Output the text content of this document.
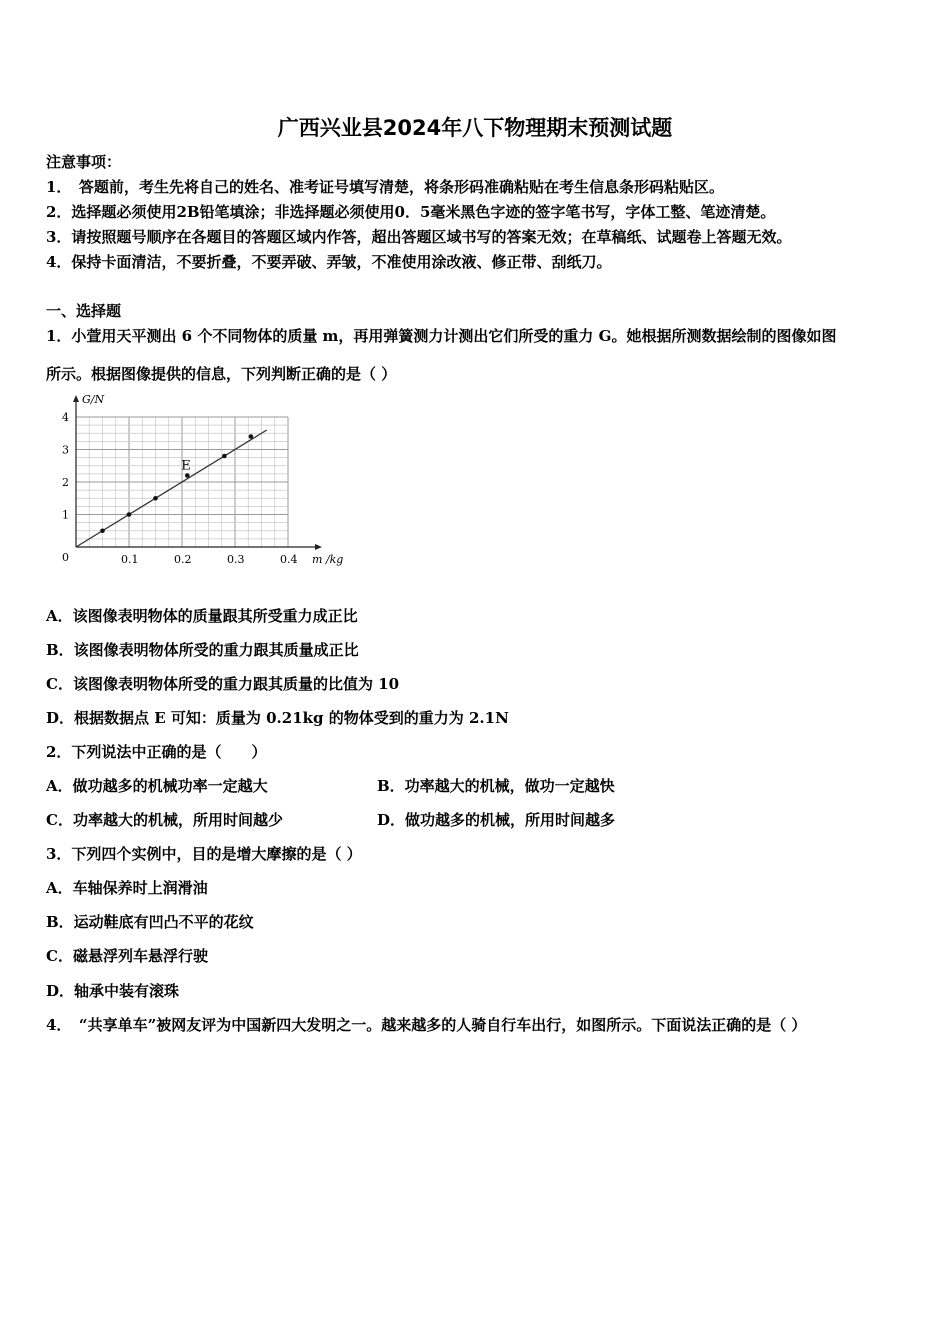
广西兴业县2024年八下物理期末预测试题
注意事项：
1．　答题前，考生先将自己的姓名、准考证号填写清楚，将条形码准确粘贴在考生信息条形码粘贴区。
2．选择题必须使用2B铅笔填涂；非选择题必须使用0．5毫米黑色字迹的签字笔书写，字体工整、笔迹清楚。
3．请按照题号顺序在各题目的答题区域内作答，超出答题区域书写的答案无效；在草稿纸、试题卷上答题无效。
4．保持卡面清洁，不要折叠，不要弄破、弄皱，不准使用涂改液、修正带、刮纸刀。
一、选择题
1．小萱用天平测出 6 个不同物体的质量 m，再用弹簧测力计测出它们所受的重力 G。她根据所测数据绘制的图像如图
所示。根据图像提供的信息，下列判断正确的是（ ）
E
0.1	0.2	0.3	0.4
1
2
3
4
0	m /kg
G/N
A．该图像表明物体的质量跟其所受重力成正比
B．该图像表明物体所受的重力跟其质量成正比
C．该图像表明物体所受的重力跟其质量的比值为 10
D．根据数据点 E 可知：质量为 0.21kg 的物体受到的重力为 2.1N
2．下列说法中正确的是（　　）
A．做功越多的机械功率一定越大	B．功率越大的机械，做功一定越快
C．功率越大的机械，所用时间越少	D．做功越多的机械，所用时间越多
3．下列四个实例中，目的是增大摩擦的是（ ）
A．车轴保养时上润滑油
B．运动鞋底有凹凸不平的花纹
C．磁悬浮列车悬浮行驶
D．轴承中装有滚珠
4．　“共享单车”被网友评为中国新四大发明之一。越来越多的人骑自行车出行，如图所示。下面说法正确的是（ ）
